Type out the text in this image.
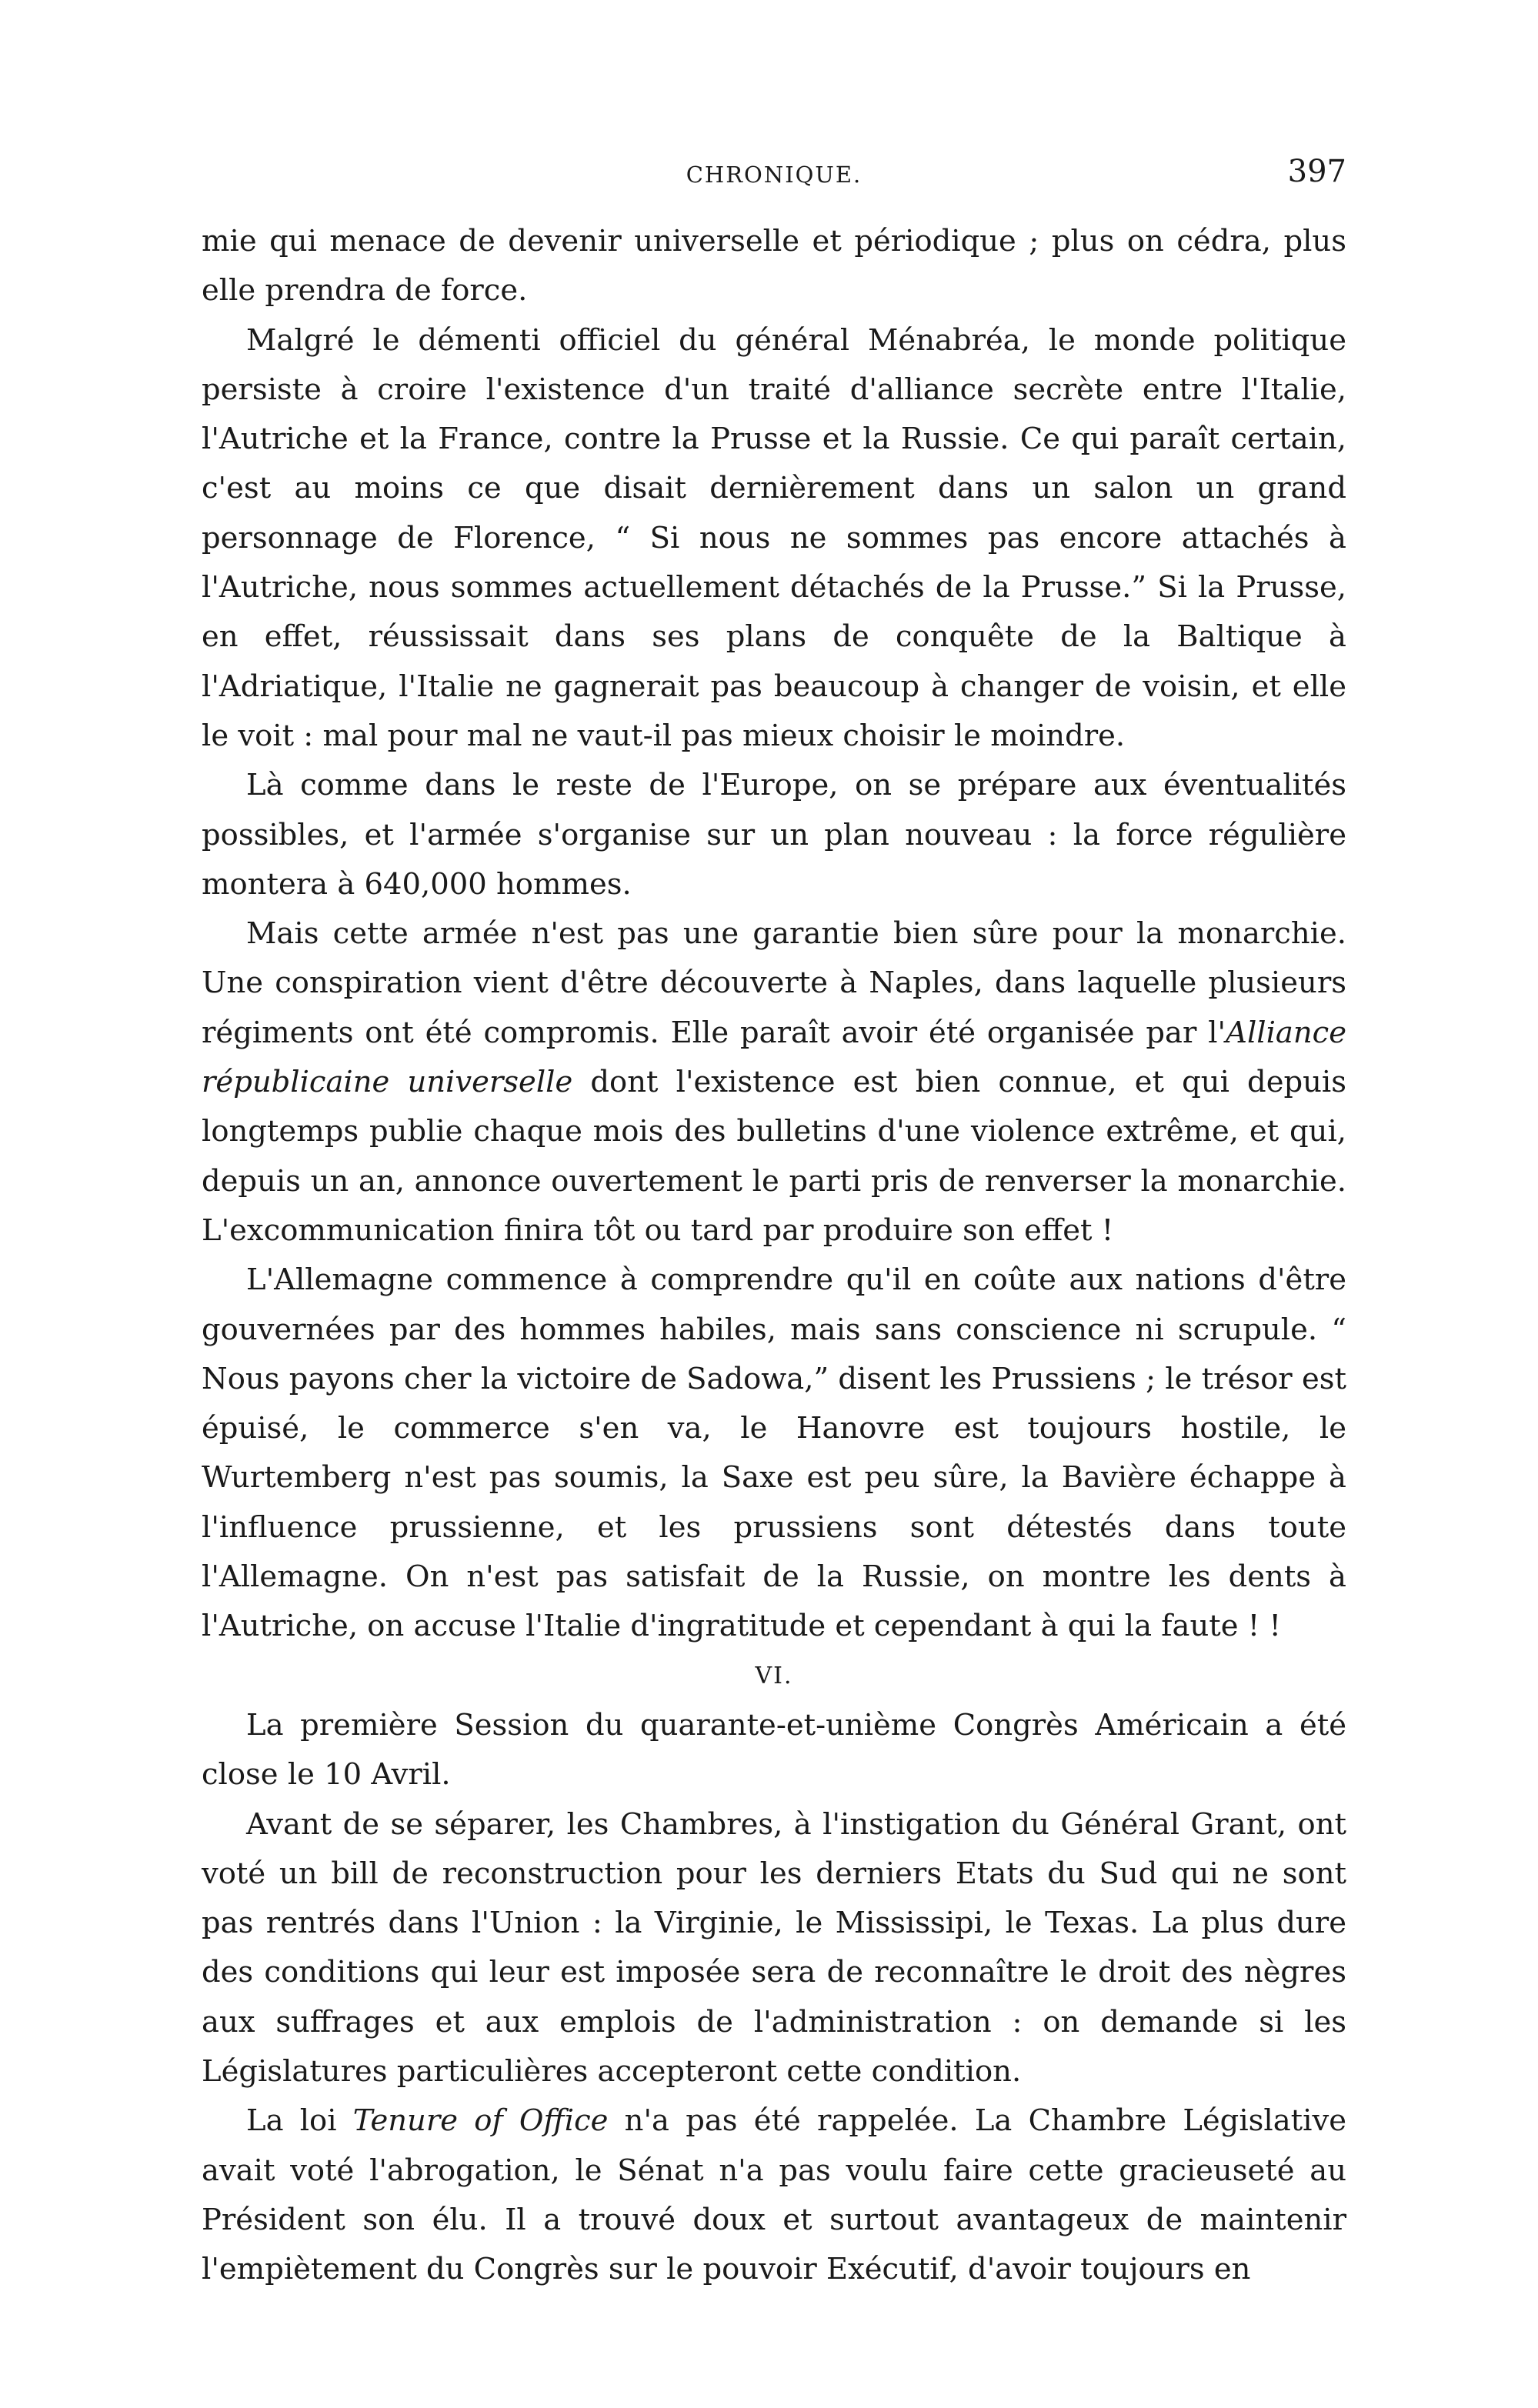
CHRONIQUE.	397

mie qui menace de devenir universelle et périodique ; plus on cédra, plus elle prendra de force.

Malgré le démenti officiel du général Ménabréa, le monde politique persiste à croire l'existence d'un traité d'alliance secrète entre l'Italie, l'Autriche et la France, contre la Prusse et la Russie. Ce qui paraît certain, c'est au moins ce que disait dernièrement dans un salon un grand personnage de Florence, “ Si nous ne sommes pas encore attachés à l'Autriche, nous sommes actuellement détachés de la Prusse.” Si la Prusse, en effet, réussissait dans ses plans de conquête de la Baltique à l'Adriatique, l'Italie ne gagnerait pas beaucoup à changer de voisin, et elle le voit : mal pour mal ne vaut-il pas mieux choisir le moindre.

Là comme dans le reste de l'Europe, on se prépare aux éventualités possibles, et l'armée s'organise sur un plan nouveau : la force régulière montera à 640,000 hommes.

Mais cette armée n'est pas une garantie bien sûre pour la monarchie. Une conspiration vient d'être découverte à Naples, dans laquelle plusieurs régiments ont été compromis. Elle paraît avoir été organisée par l'Alliance républicaine universelle dont l'existence est bien connue, et qui depuis longtemps publie chaque mois des bulletins d'une violence extrême, et qui, depuis un an, annonce ouvertement le parti pris de renverser la monarchie. L'excommunication finira tôt ou tard par produire son effet !

L'Allemagne commence à comprendre qu'il en coûte aux nations d'être gouvernées par des hommes habiles, mais sans conscience ni scrupule. “ Nous payons cher la victoire de Sadowa,” disent les Prussiens ; le trésor est épuisé, le commerce s'en va, le Hanovre est toujours hostile, le Wurtemberg n'est pas soumis, la Saxe est peu sûre, la Bavière échappe à l'influence prussienne, et les prussiens sont détestés dans toute l'Allemagne. On n'est pas satisfait de la Russie, on montre les dents à l'Autriche, on accuse l'Italie d'ingratitude et cependant à qui la faute ! !

VI.

La première Session du quarante-et-unième Congrès Américain a été close le 10 Avril.

Avant de se séparer, les Chambres, à l'instigation du Général Grant, ont voté un bill de reconstruction pour les derniers Etats du Sud qui ne sont pas rentrés dans l'Union : la Virginie, le Mississipi, le Texas. La plus dure des conditions qui leur est imposée sera de reconnaître le droit des nègres aux suffrages et aux emplois de l'administration : on demande si les Législatures particulières accepteront cette condition.

La loi Tenure of Office n'a pas été rappelée. La Chambre Législative avait voté l'abrogation, le Sénat n'a pas voulu faire cette gracieuseté au Président son élu. Il a trouvé doux et surtout avantageux de maintenir l'empiètement du Congrès sur le pouvoir Exécutif, d'avoir toujours en
